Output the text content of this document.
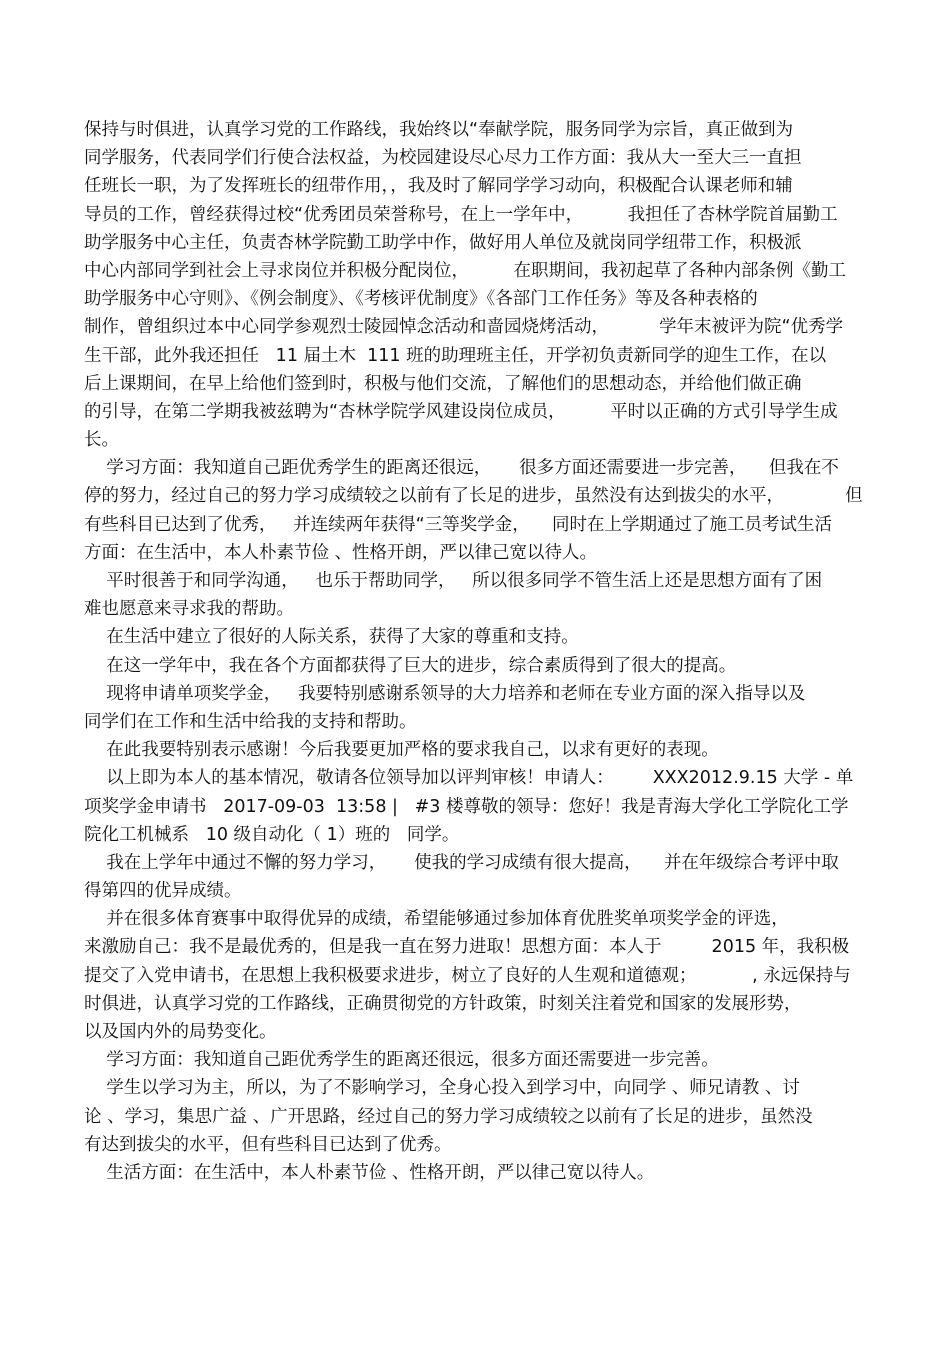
保持与时俱进，认真学习党的工作路线，我始终以“奉献学院，服务同学为宗旨，真正做到为
同学服务，代表同学们行使合法权益，为校园建设尽心尽力工作方面：我从大一至大三一直担
任班长一职，为了发挥班长的纽带作用，，我及时了解同学学习动向，积极配合认课老师和辅
导员的工作，曾经获得过校“优秀团员荣誉称号，在上一学年中，        我担任了杏林学院首届勤工
助学服务中心主任，负责杏林学院勤工助学中作，做好用人单位及就岗同学纽带工作，积极派
中心内部同学到社会上寻求岗位并积极分配岗位，        在职期间，我初起草了各种内部条例《勤工
助学服务中心守则》、《例会制度》、《考核评优制度》《各部门工作任务》等及各种表格的
制作，曾组织过本中心同学参观烈士陵园悼念活动和啬园烧烤活动，         学年末被评为院“优秀学
生干部，此外我还担任   11 届土木  111 班的助理班主任，开学初负责新同学的迎生工作，在以
后上课期间，在早上给他们签到时，积极与他们交流，了解他们的思想动态，并给他们做正确
的引导，在第二学期我被兹聘为“杏林学院学风建设岗位成员，        平时以正确的方式引导学生成
长。
学习方面：我知道自己距优秀学生的距离还很远，     很多方面还需要进一步完善，    但我在不
停的努力，经过自己的努力学习成绩较之以前有了长足的进步，虽然没有达到拔尖的水平，           但
有些科目已达到了优秀，   并连续两年获得“三等奖学金，    同时在上学期通过了施工员考试生活
方面：在生活中，本人朴素节俭 、性格开朗，严以律己宽以待人。
平时很善于和同学沟通，   也乐于帮助同学，   所以很多同学不管生活上还是思想方面有了困
难也愿意来寻求我的帮助。
在生活中建立了很好的人际关系，获得了大家的尊重和支持。
在这一学年中，我在各个方面都获得了巨大的进步，综合素质得到了很大的提高。
现将申请单项奖学金，   我要特别感谢系领导的大力培养和老师在专业方面的深入指导以及
同学们在工作和生活中给我的支持和帮助。
在此我要特别表示感谢！今后我要更加严格的要求我自己，以求有更好的表现。
以上即为本人的基本情况，敬请各位领导加以评判审核！申请人：       XXX2012.9.15 大学 - 单
项奖学金申请书   2017-09-03  13:58 |   #3 楼尊敬的领导：您好！我是青海大学化工学院化工学
院化工机械系   10 级自动化（ 1）班的   同学。
我在上学年中通过不懈的努力学习，     使我的学习成绩有很大提高，    并在年级综合考评中取
得第四的优异成绩。
并在很多体育赛事中取得优异的成绩，希望能够通过参加体育优胜奖单项奖学金的评选，
来激励自己：我不是最优秀的，但是我一直在努力进取！思想方面：本人于         2015 年，我积极
提交了入党申请书，在思想上我积极要求进步，树立了良好的人生观和道德观；          , 永远保持与
时俱进，认真学习党的工作路线，正确贯彻党的方针政策，时刻关注着党和国家的发展形势，
以及国内外的局势变化。
学习方面：我知道自己距优秀学生的距离还很远，很多方面还需要进一步完善。
学生以学习为主，所以，为了不影响学习，全身心投入到学习中，向同学 、师兄请教 、讨
论 、学习，集思广益 、广开思路，经过自己的努力学习成绩较之以前有了长足的进步，虽然没
有达到拔尖的水平，但有些科目已达到了优秀。
生活方面：在生活中，本人朴素节俭 、性格开朗，严以律己宽以待人。
